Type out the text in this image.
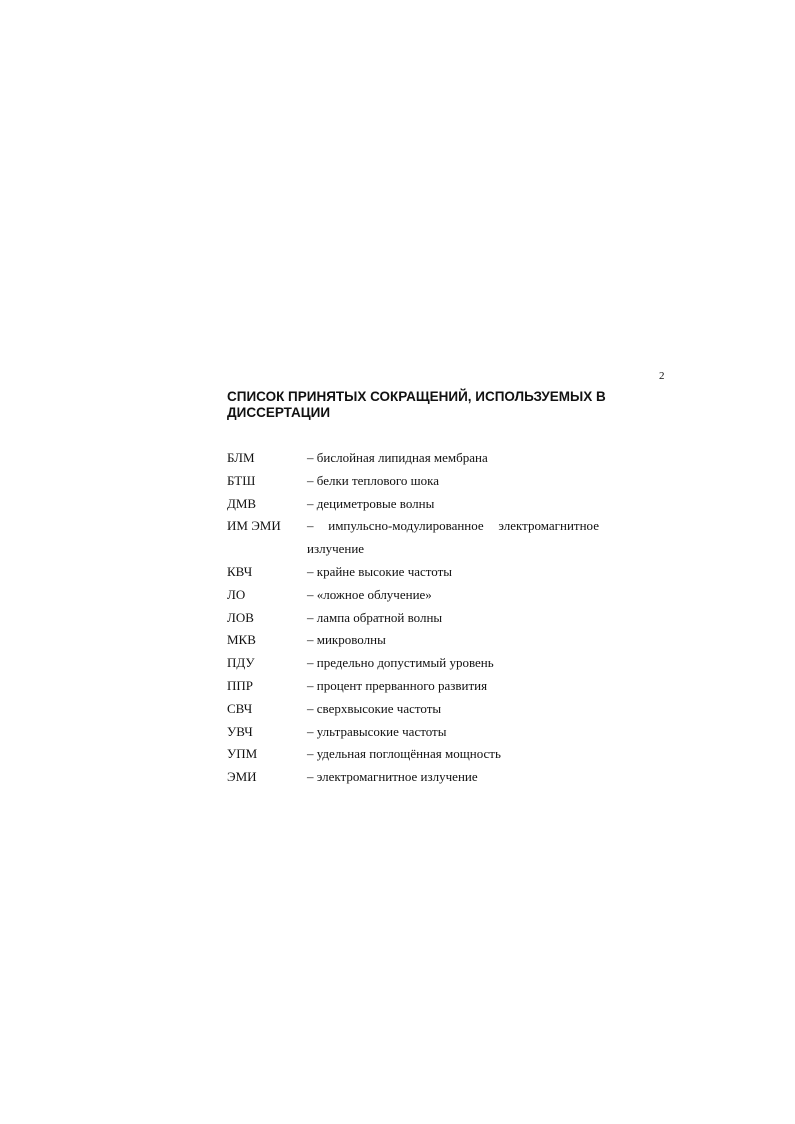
2
СПИСОК ПРИНЯТЫХ СОКРАЩЕНИЙ, ИСПОЛЬЗУЕМЫХ В ДИССЕРТАЦИИ
БЛМ	– бислойная липидная мембрана
БТШ	– белки теплового шока
ДМВ	– дециметровые волны
ИМ ЭМИ – импульсно-модулированное электромагнитное излучение
КВЧ	– крайне высокие частоты
ЛО	– «ложное облучение»
ЛОВ	– лампа обратной волны
МКВ	– микроволны
ПДУ	– предельно допустимый уровень
ППР	– процент прерванного развития
СВЧ	– сверхвысокие частоты
УВЧ	– ультравысокие частоты
УПМ	– удельная поглощённая мощность
ЭМИ	– электромагнитное излучение
